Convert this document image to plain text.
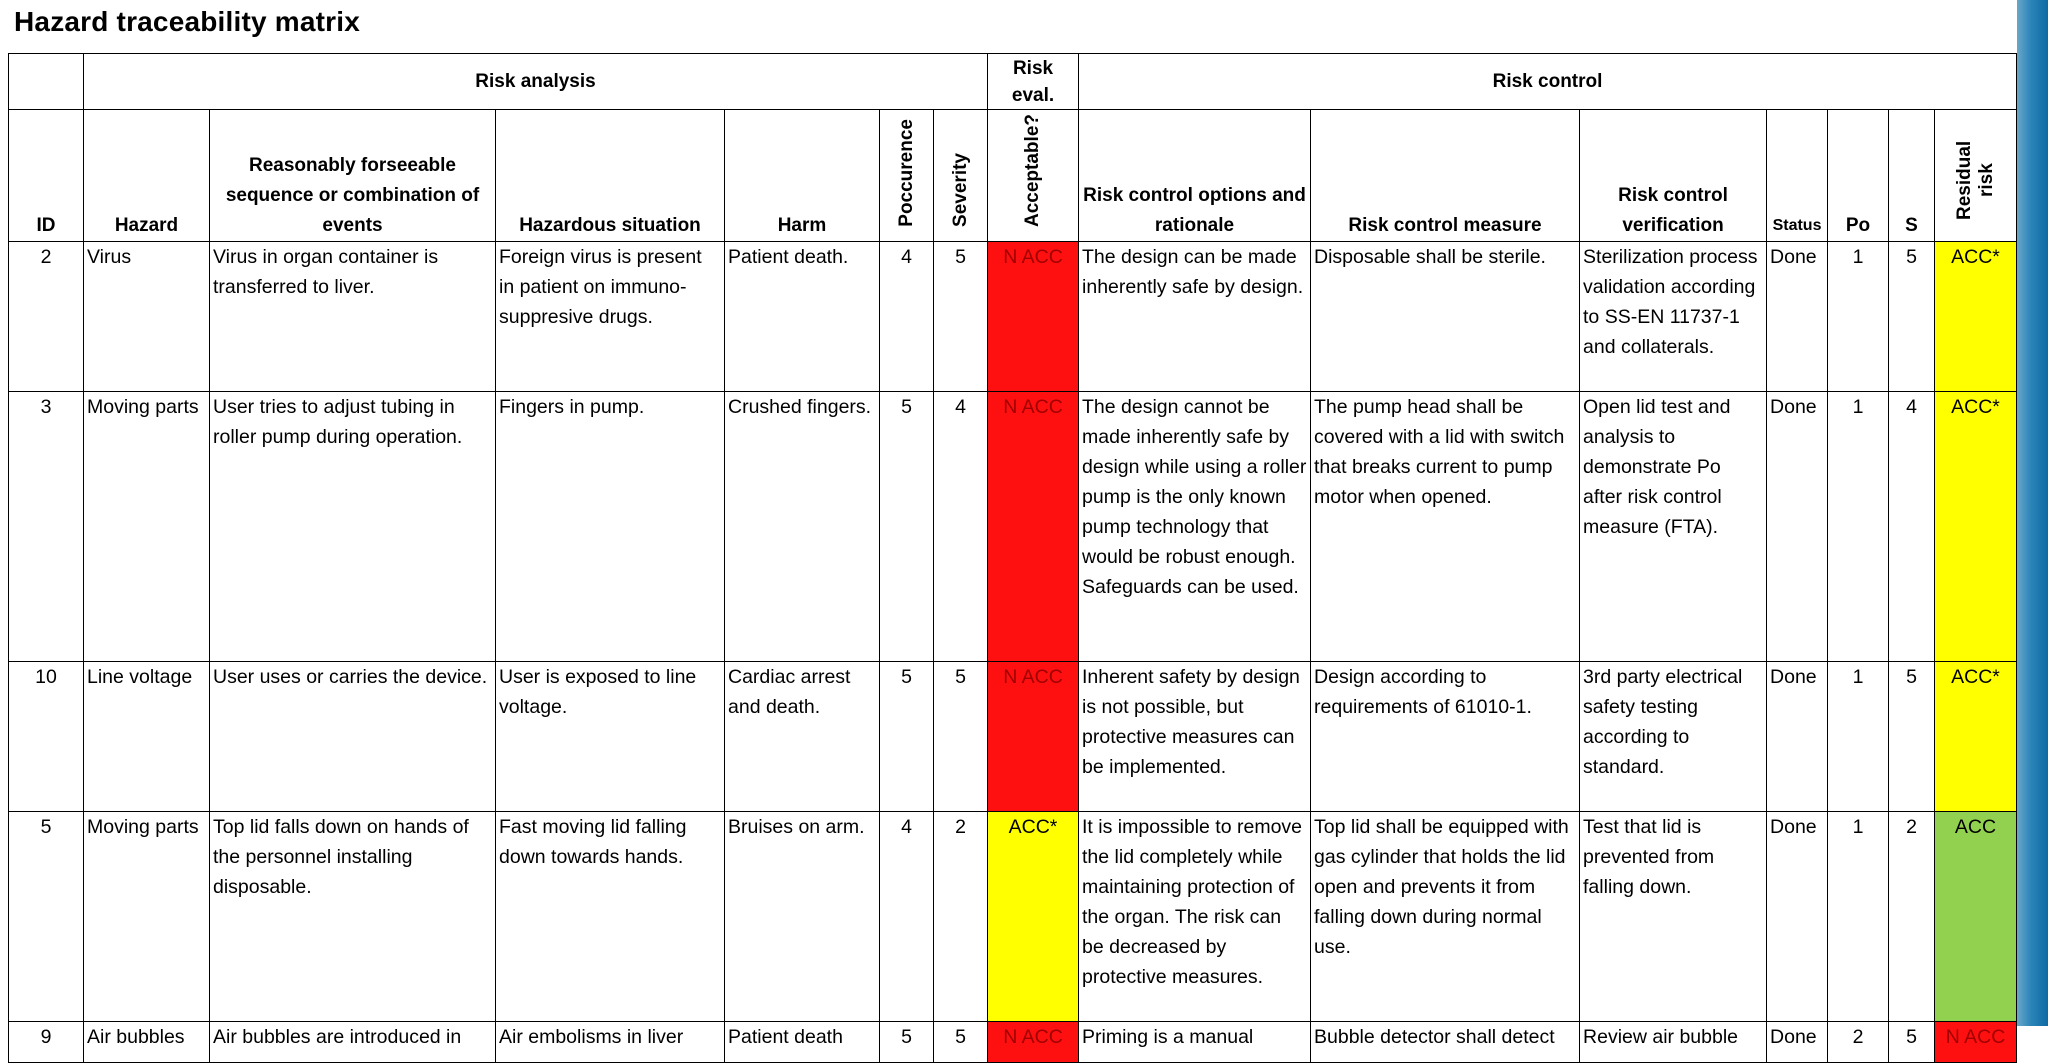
Hazard traceability matrix
	Risk analysis						Risk eval.	Risk control						
ID	Hazard	Reasonably forseeable sequence or combination of events	Hazardous situation	Harm	Poccurence	Severity	Acceptable?	Risk control options and rationale	Risk control measure	Risk control verification	Status	Po	S	Residual risk
2	Virus	Virus in organ container is transferred to liver.	Foreign virus is present in patient on immuno-suppresive drugs.	Patient death.	4	5	N ACC	The design can be made inherently safe by design.	Disposable shall be sterile.	Sterilization process validation according to SS-EN 11737-1 and collaterals.	Done	1	5	ACC*
3	Moving parts	User tries to adjust tubing in roller pump during operation.	Fingers in pump.	Crushed fingers.	5	4	N ACC	The design cannot be made inherently safe by design while using a roller pump is the only known pump technology that would be robust enough. Safeguards can be used.	The pump head shall be covered with a lid with switch that breaks current to pump motor when opened.	Open lid test and analysis to demonstrate Po after risk control measure (FTA).	Done	1	4	ACC*
10	Line voltage	User uses or carries the device.	User is exposed to line voltage.	Cardiac arrest and death.	5	5	N ACC	Inherent safety by design is not possible, but protective measures can be implemented.	Design according to requirements of 61010-1.	3rd party electrical safety testing according to standard.	Done	1	5	ACC*
5	Moving parts	Top lid falls down on hands of the personnel installing disposable.	Fast moving lid falling down towards hands.	Bruises on arm.	4	2	ACC*	It is impossible to remove the lid completely while maintaining protection of the organ. The risk can be decreased by protective measures.	Top lid shall be equipped with gas cylinder that holds the lid open and prevents it from falling down during normal use.	Test that lid is prevented from falling down.	Done	1	2	ACC
9	Air bubbles	Air bubbles are introduced in	Air embolisms in liver	Patient death	5	5	N ACC	Priming is a manual	Bubble detector shall detect	Review air bubble	Done	2	5	N ACC
